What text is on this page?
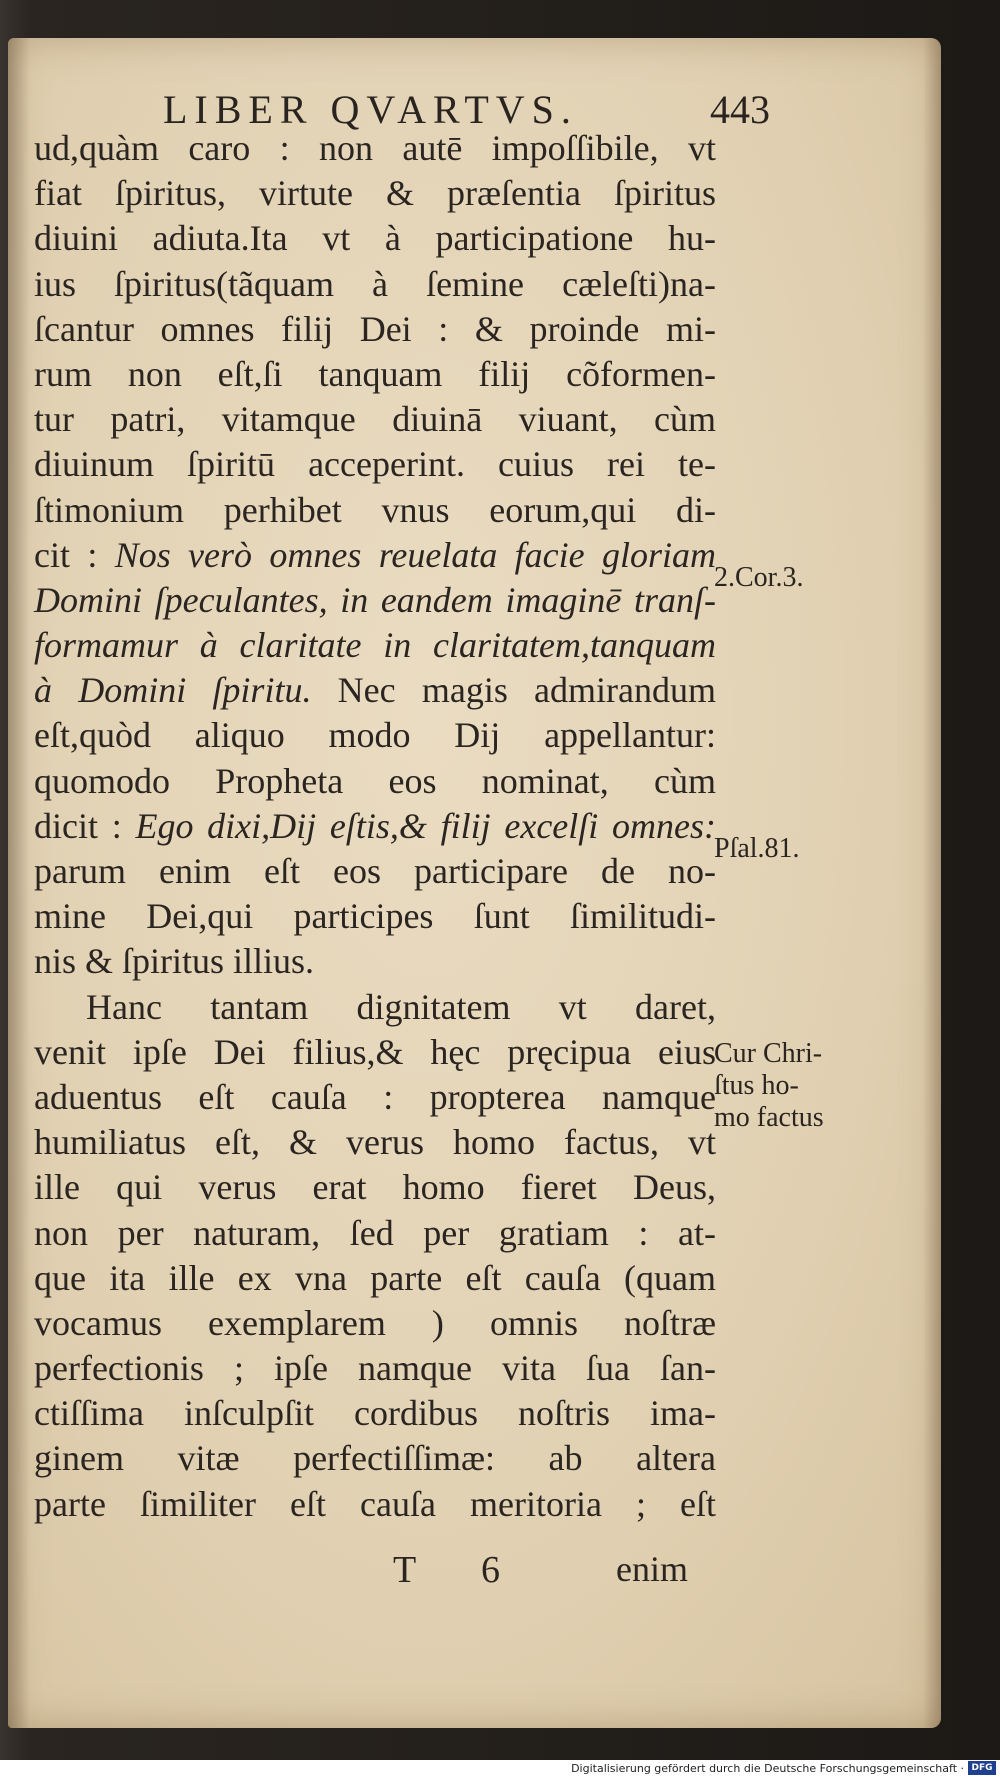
LIBER QVARTVS.	443
ud,quàm caro : non autē impoſſibile, vt
fiat ſpiritus, virtute & præſentia ſpiritus
diuini adiuta.Ita vt à participatione hu-
ius ſpiritus(tãquam à ſemine cæleſti)na-
ſcantur omnes filij Dei : & proinde mi-
rum non eſt,ſi tanquam filij cõformen-
tur patri, vitamque diuinā viuant, cùm
diuinum ſpiritū acceperint. cuius rei te-
ſtimonium perhibet vnus eorum,qui di-
cit : Nos verò omnes reuelata facie gloriam
Domini ſpeculantes, in eandem imaginē tranſ-
formamur à claritate in claritatem,tanquam
à Domini ſpiritu. Nec magis admirandum
eſt,quòd aliquo modo Dij appellantur:
quomodo Propheta eos nominat, cùm
dicit : Ego dixi,Dij eſtis,& filij excelſi omnes:
parum enim eſt eos participare de no-
mine Dei,qui participes ſunt ſimilitudi-
nis & ſpiritus illius.
Hanc tantam dignitatem vt daret,
venit ipſe Dei filius,& hęc pręcipua eius
aduentus eſt cauſa : propterea namque
humiliatus eſt, & verus homo factus, vt
ille qui verus erat homo fieret Deus,
non per naturam, ſed per gratiam : at-
que ita ille ex vna parte eſt cauſa (quam
vocamus exemplarem ) omnis noſtræ
perfectionis ; ipſe namque vita ſua ſan-
ctiſſima inſculpſit cordibus noſtris ima-
ginem vitæ perfectiſſimæ: ab altera
parte ſimiliter eſt cauſa meritoria ; eſt
2.Cor.3.
Pſal.81.
Cur Chri-
ſtus ho-
mo factus
T 6 enim
Digitalisierung gefördert durch die Deutsche Forschungsgemeinschaft · DFG
